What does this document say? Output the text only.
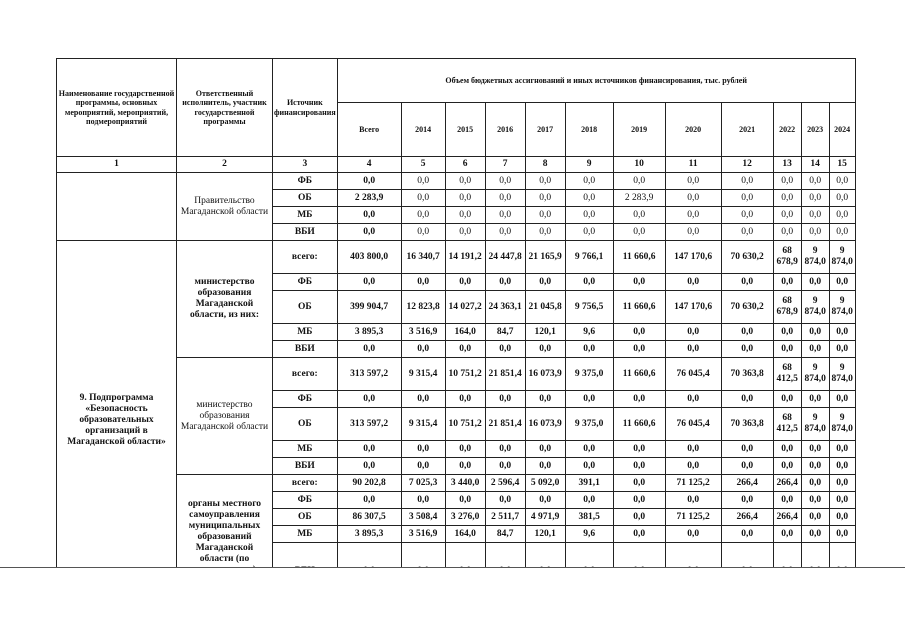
Наименование государственной программы, основных мероприятий, мероприятий, подмероприятий	Ответственный исполнитель, участник государственной программы	Источник финансирования	Объем бюджетных ассигнований и иных источников финансирования, тыс. рублей											
			Всего	2014	2015	2016	2017	2018	2019	2020	2021	2022	2023	2024
1	2	3	4	5	6	7	8	9	10	11	12	13	14	15
	Правительство Магаданской области	ФБ	0,0	0,0	0,0	0,0	0,0	0,0	0,0	0,0	0,0	0,0	0,0	0,0
		ОБ	2 283,9	0,0	0,0	0,0	0,0	0,0	2 283,9	0,0	0,0	0,0	0,0	0,0
		МБ	0,0	0,0	0,0	0,0	0,0	0,0	0,0	0,0	0,0	0,0	0,0	0,0
		ВБИ	0,0	0,0	0,0	0,0	0,0	0,0	0,0	0,0	0,0	0,0	0,0	0,0
9. Подпрограмма «Безопасность образовательных организаций в Магаданской области»	министерство образования Магаданской области, из них:	всего:	403 800,0	16 340,7	14 191,2	24 447,8	21 165,9	9 766,1	11 660,6	147 170,6	70 630,2	68 678,9	9 874,0	9 874,0
		ФБ	0,0	0,0	0,0	0,0	0,0	0,0	0,0	0,0	0,0	0,0	0,0	0,0
		ОБ	399 904,7	12 823,8	14 027,2	24 363,1	21 045,8	9 756,5	11 660,6	147 170,6	70 630,2	68 678,9	9 874,0	9 874,0
		МБ	3 895,3	3 516,9	164,0	84,7	120,1	9,6	0,0	0,0	0,0	0,0	0,0	0,0
		ВБИ	0,0	0,0	0,0	0,0	0,0	0,0	0,0	0,0	0,0	0,0	0,0	0,0
	министерство образования Магаданской области	всего:	313 597,2	9 315,4	10 751,2	21 851,4	16 073,9	9 375,0	11 660,6	76 045,4	70 363,8	68 412,5	9 874,0	9 874,0
		ФБ	0,0	0,0	0,0	0,0	0,0	0,0	0,0	0,0	0,0	0,0	0,0	0,0
		ОБ	313 597,2	9 315,4	10 751,2	21 851,4	16 073,9	9 375,0	11 660,6	76 045,4	70 363,8	68 412,5	9 874,0	9 874,0
		МБ	0,0	0,0	0,0	0,0	0,0	0,0	0,0	0,0	0,0	0,0	0,0	0,0
		ВБИ	0,0	0,0	0,0	0,0	0,0	0,0	0,0	0,0	0,0	0,0	0,0	0,0
	органы местного самоуправления муниципальных образований Магаданской области (по	всего:	90 202,8	7 025,3	3 440,0	2 596,4	5 092,0	391,1	0,0	71 125,2	266,4	266,4	0,0	0,0
		ФБ	0,0	0,0	0,0	0,0	0,0	0,0	0,0	0,0	0,0	0,0	0,0	0,0
		ОБ	86 307,5	3 508,4	3 276,0	2 511,7	4 971,9	381,5	0,0	71 125,2	266,4	266,4	0,0	0,0
		МБ	3 895,3	3 516,9	164,0	84,7	120,1	9,6	0,0	0,0	0,0	0,0	0,0	0,0
